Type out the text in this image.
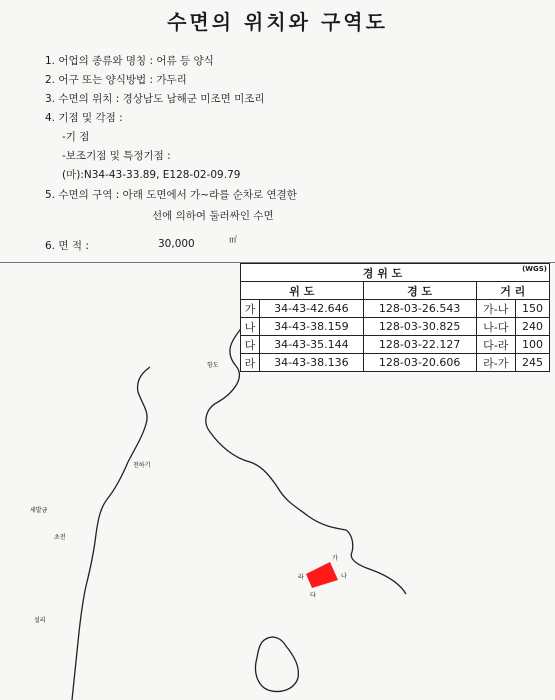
수면의 위치와 구역도
1. 어업의 종류와 명칭 : 어류 등 양식
2. 어구 또는 양식방법 : 가두리
3. 수면의 위치 : 경상남도 남해군 미조면 미조리
4. 기점 및 각점 :
-기 점
-보조기점 및 특정기점 :
(마):N34-43-33.89, E128-02-09.79
5. 수면의 구역 : 아래 도면에서 가~라를 순차로 연결한
선에 의하여 둘러싸인 수면
6. 면 적 :	30,000	㎡
항도
천하기
세발금
초전
설리
가
나
다
라
경 위 도 (WGS)				

위 도		경 도	거 리	
가	34-43-42.646	128-03-26.543	가-나	150
나	34-43-38.159	128-03-30.825	나-다	240
다	34-43-35.144	128-03-22.127	다-라	100
라	34-43-38.136	128-03-20.606	라-가	245
